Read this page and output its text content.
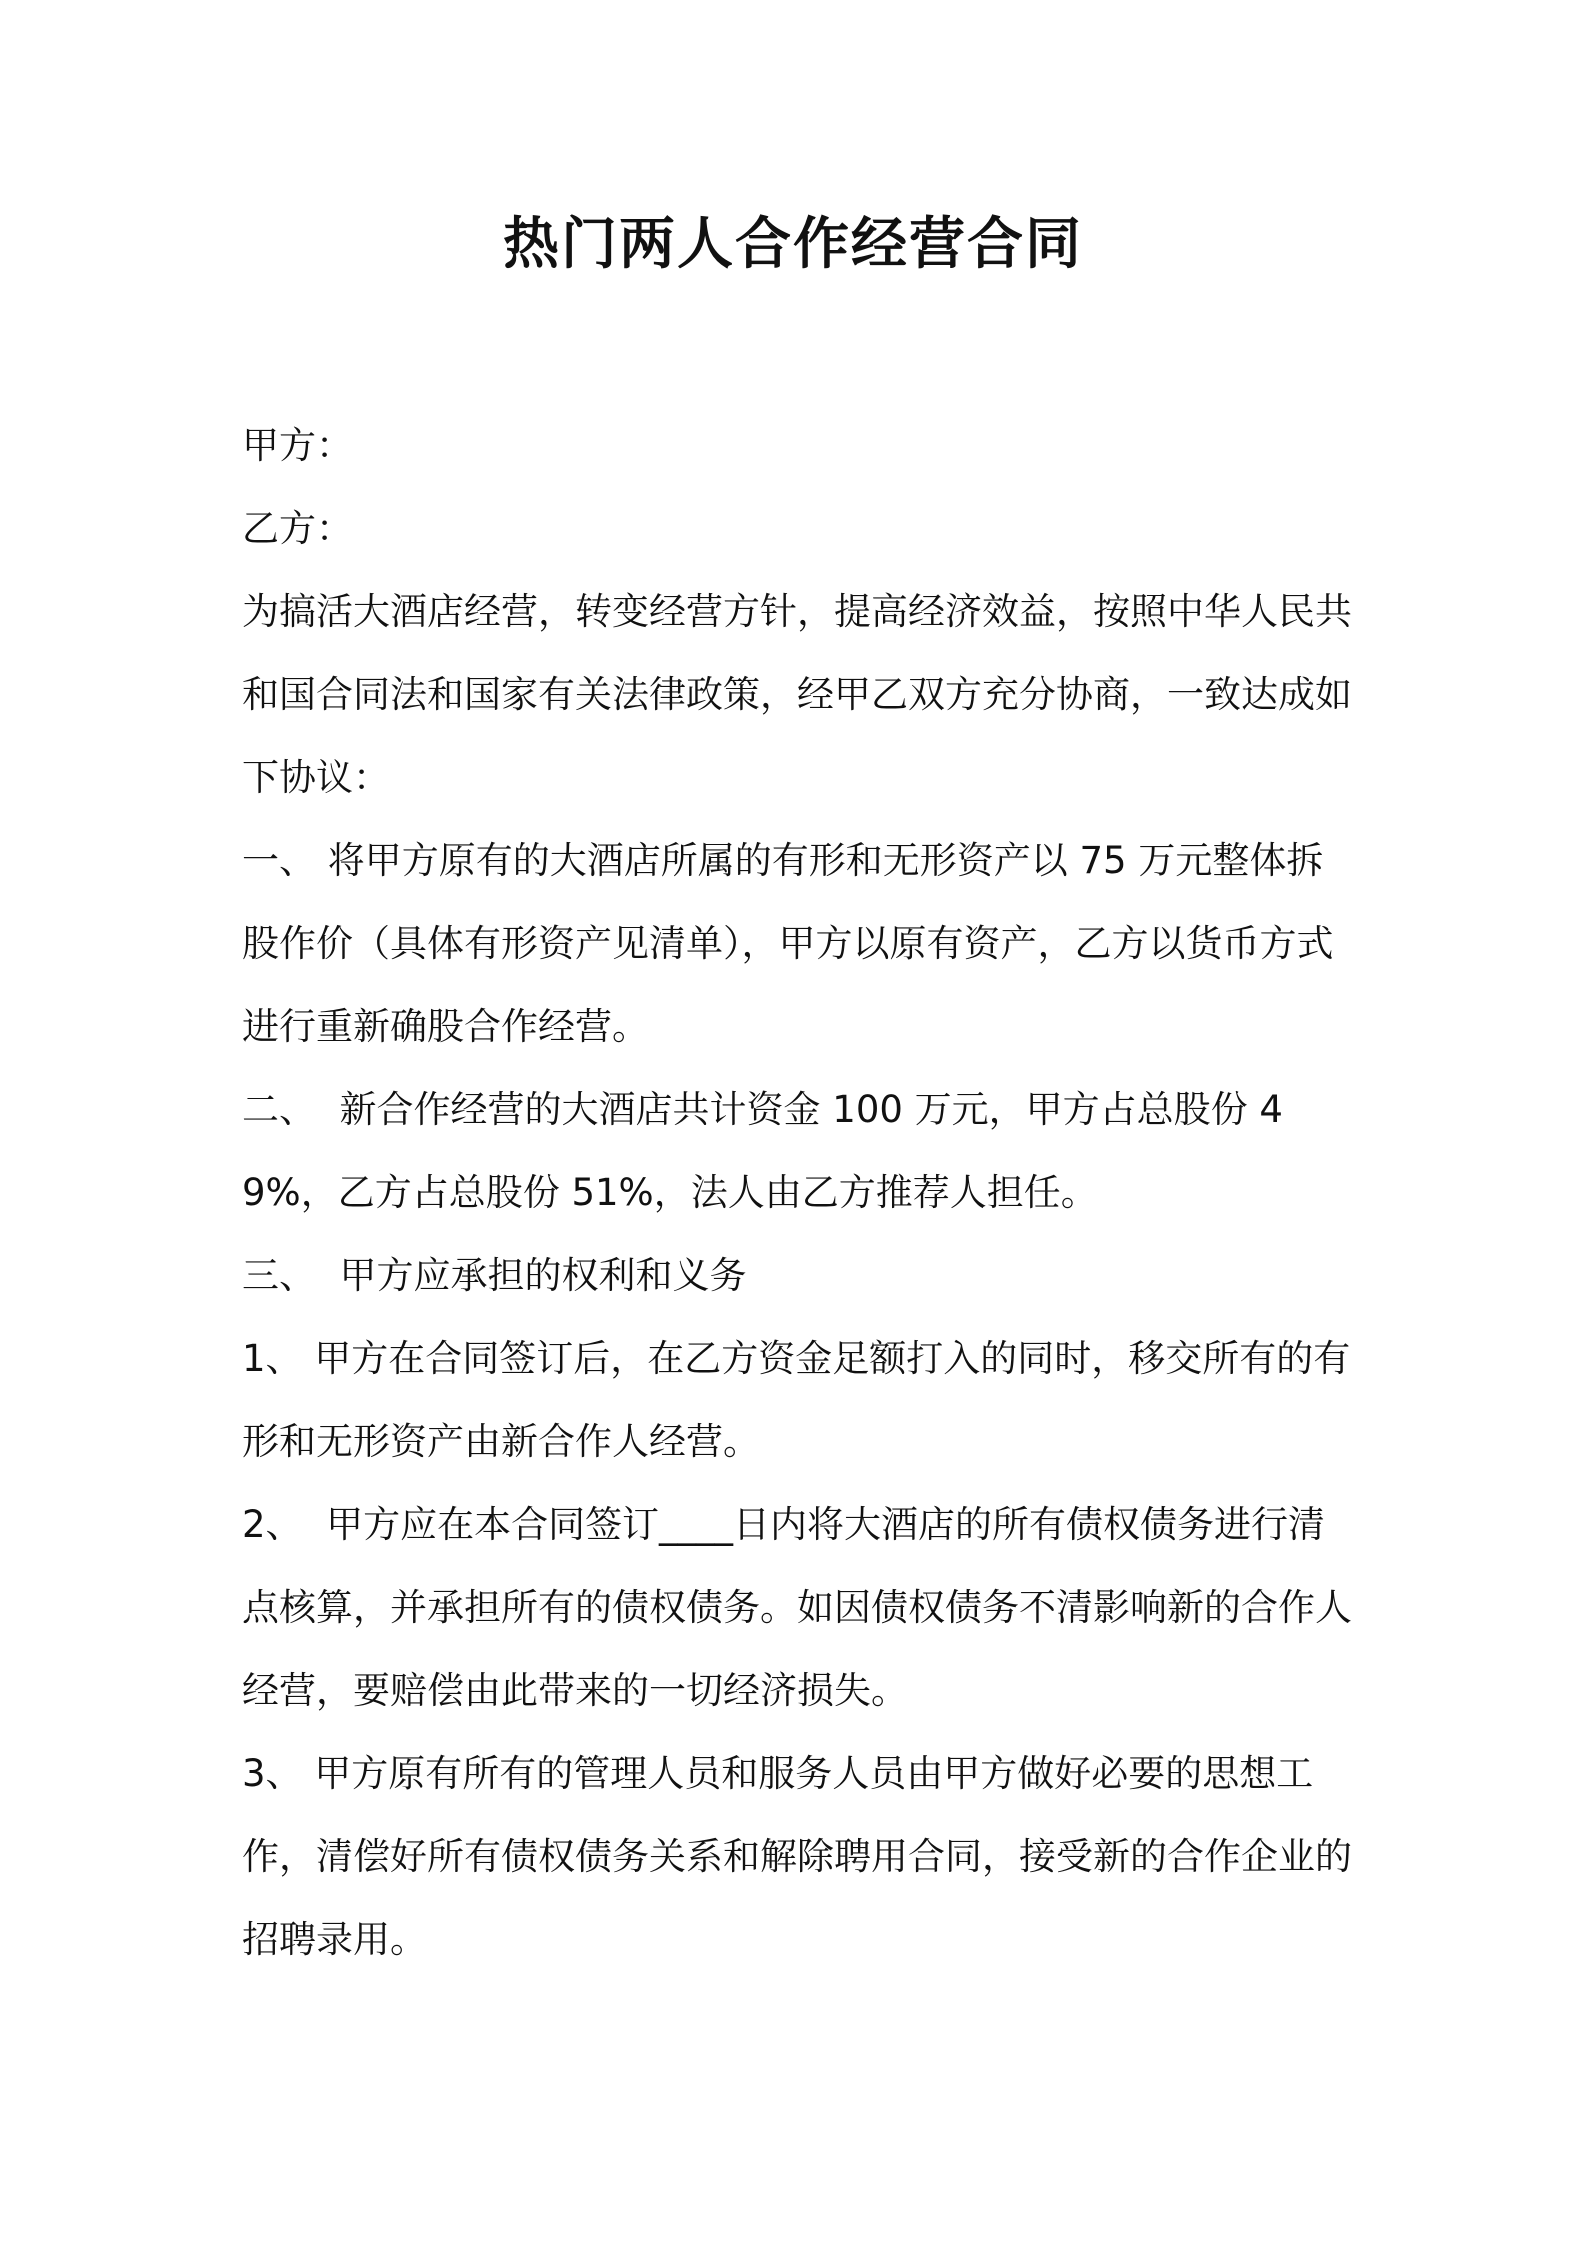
热门两人合作经营合同

甲方：

乙方：

为搞活大酒店经营，转变经营方针，提高经济效益，按照中华人民共和国合同法和国家有关法律政策，经甲乙双方充分协商，一致达成如下协议：

一、 将甲方原有的大酒店所属的有形和无形资产以 75 万元整体拆股作价（具体有形资产见清单），甲方以原有资产，乙方以货币方式进行重新确股合作经营。

二、  新合作经营的大酒店共计资金 100 万元，甲方占总股份 49%，乙方占总股份 51%，法人由乙方推荐人担任。

三、  甲方应承担的权利和义务

1、 甲方在合同签订后，在乙方资金足额打入的同时，移交所有的有形和无形资产由新合作人经营。

2、  甲方应在本合同签订____日内将大酒店的所有债权债务进行清点核算，并承担所有的债权债务。如因债权债务不清影响新的合作人经营，要赔偿由此带来的一切经济损失。

3、 甲方原有所有的管理人员和服务人员由甲方做好必要的思想工作，清偿好所有债权债务关系和解除聘用合同，接受新的合作企业的招聘录用。
